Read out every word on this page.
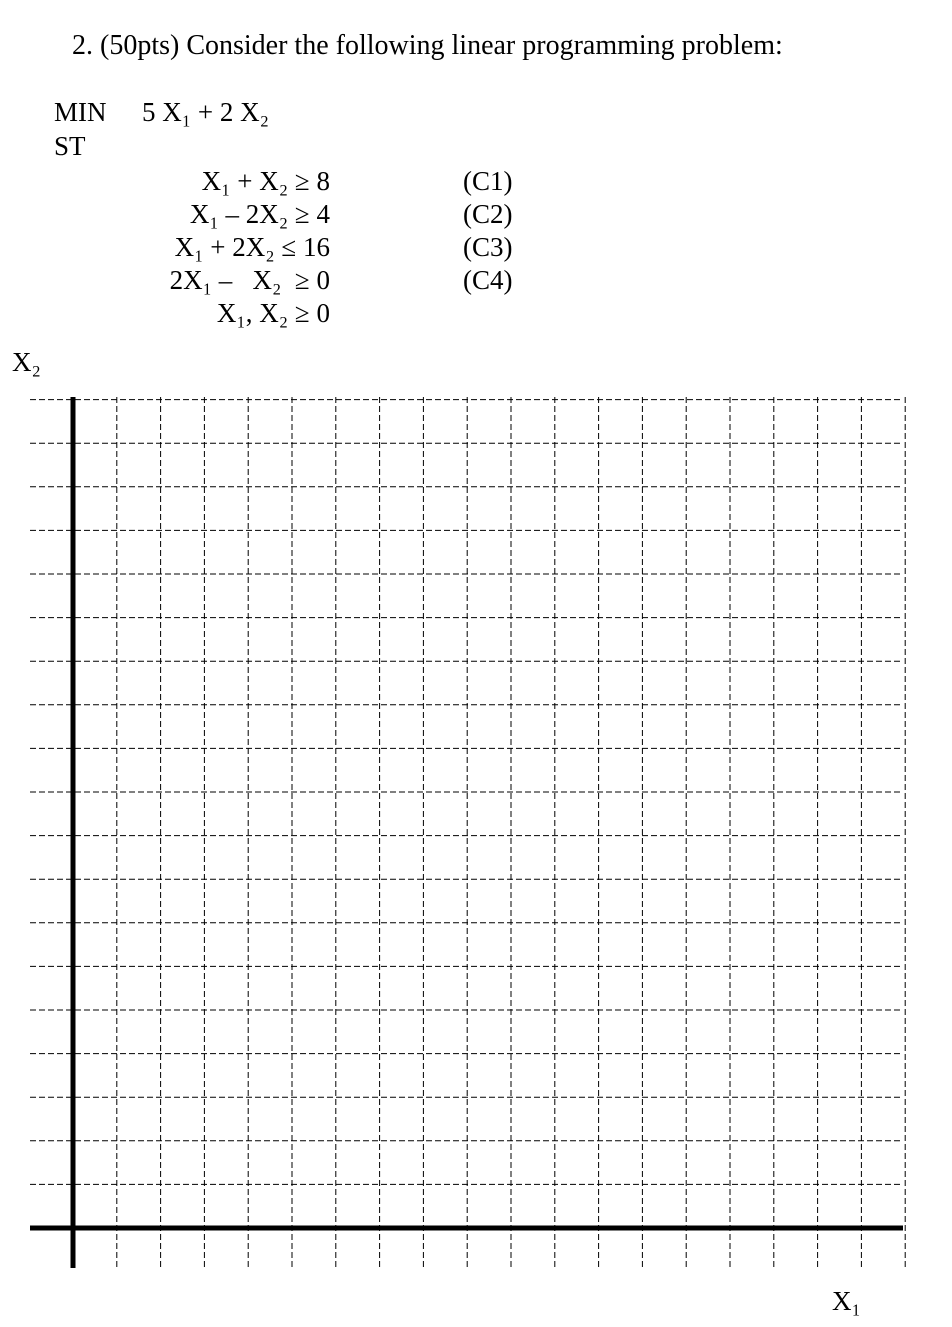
2. (50pts) Consider the following linear programming problem:
MIN 5 X₁ + 2 X₂
ST
X₁ + X₂ ≥ 8	(C1)
X₁ – 2X₂ ≥ 4	(C2)
X₁ + 2X₂ ≤ 16	(C3)
2X₁ –   X₂  ≥ 0	(C4)
X₁, X₂ ≥ 0
X₂
X₁
